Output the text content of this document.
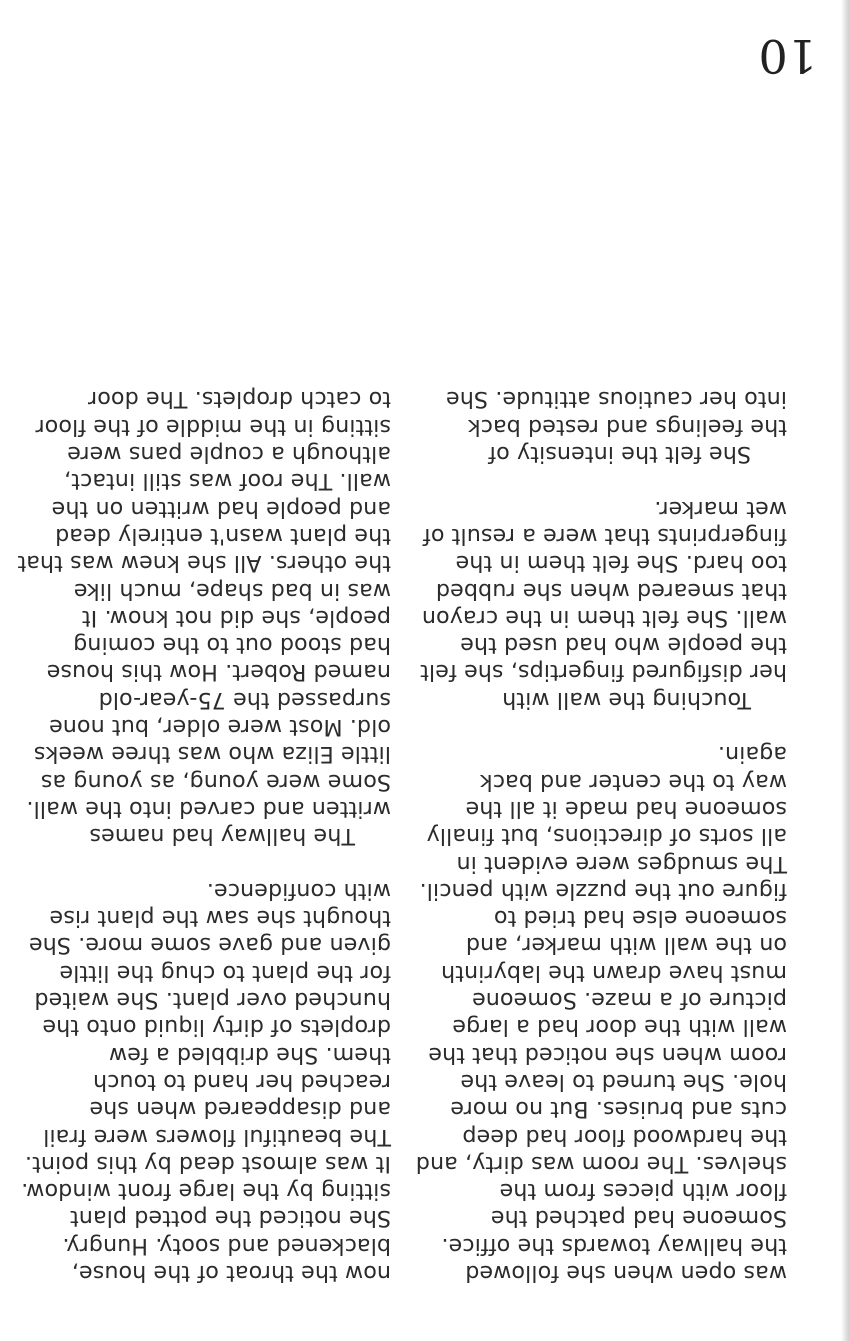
was open when she followed
the hallway towards the office.
Someone had patched the
floor with pieces from the
shelves. The room was dirty, and
the hardwood floor had deep
cuts and bruises. But no more
hole. She turned to leave the
room when she noticed that the
wall with the door had a large
picture of a maze. Someone
must have drawn the labyrinth
on the wall with marker, and
someone else had tried to
figure out the puzzle with pencil.
The smudges were evident in
all sorts of directions, but finally
someone had made it all the
way to the center and back
again.
Touching the wall with
her disfigured fingertips, she felt
the people who had used the
wall. She felt them in the crayon
that smeared when she rubbed
too hard. She felt them in the
fingerprints that were a result of
wet marker.
She felt the intensity of
the feelings and rested back
into her cautious attitude. She
now the throat of the house,
blackened and sooty. Hungry.
She noticed the potted plant
sitting by the large front window.
It was almost dead by this point.
The beautiful flowers were frail
and disappeared when she
reached her hand to touch
them. She dribbled a few
droplets of dirty liquid onto the
hunched over plant. She waited
for the plant to chug the little
given and gave some more. She
thought she saw the plant rise
with confidence.
The hallway had names
written and carved into the wall.
Some were young, as young as
little Eliza who was three weeks
old. Most were older, but none
surpassed the 75-year-old
named Robert. How this house
had stood out to the coming
people, she did not know. It
was in bad shape, much like
the others. All she knew was that
the plant wasn't entirely dead
and people had written on the
wall. The roof was still intact,
although a couple pans were
sitting in the middle of the floor
to catch droplets. The door
10
